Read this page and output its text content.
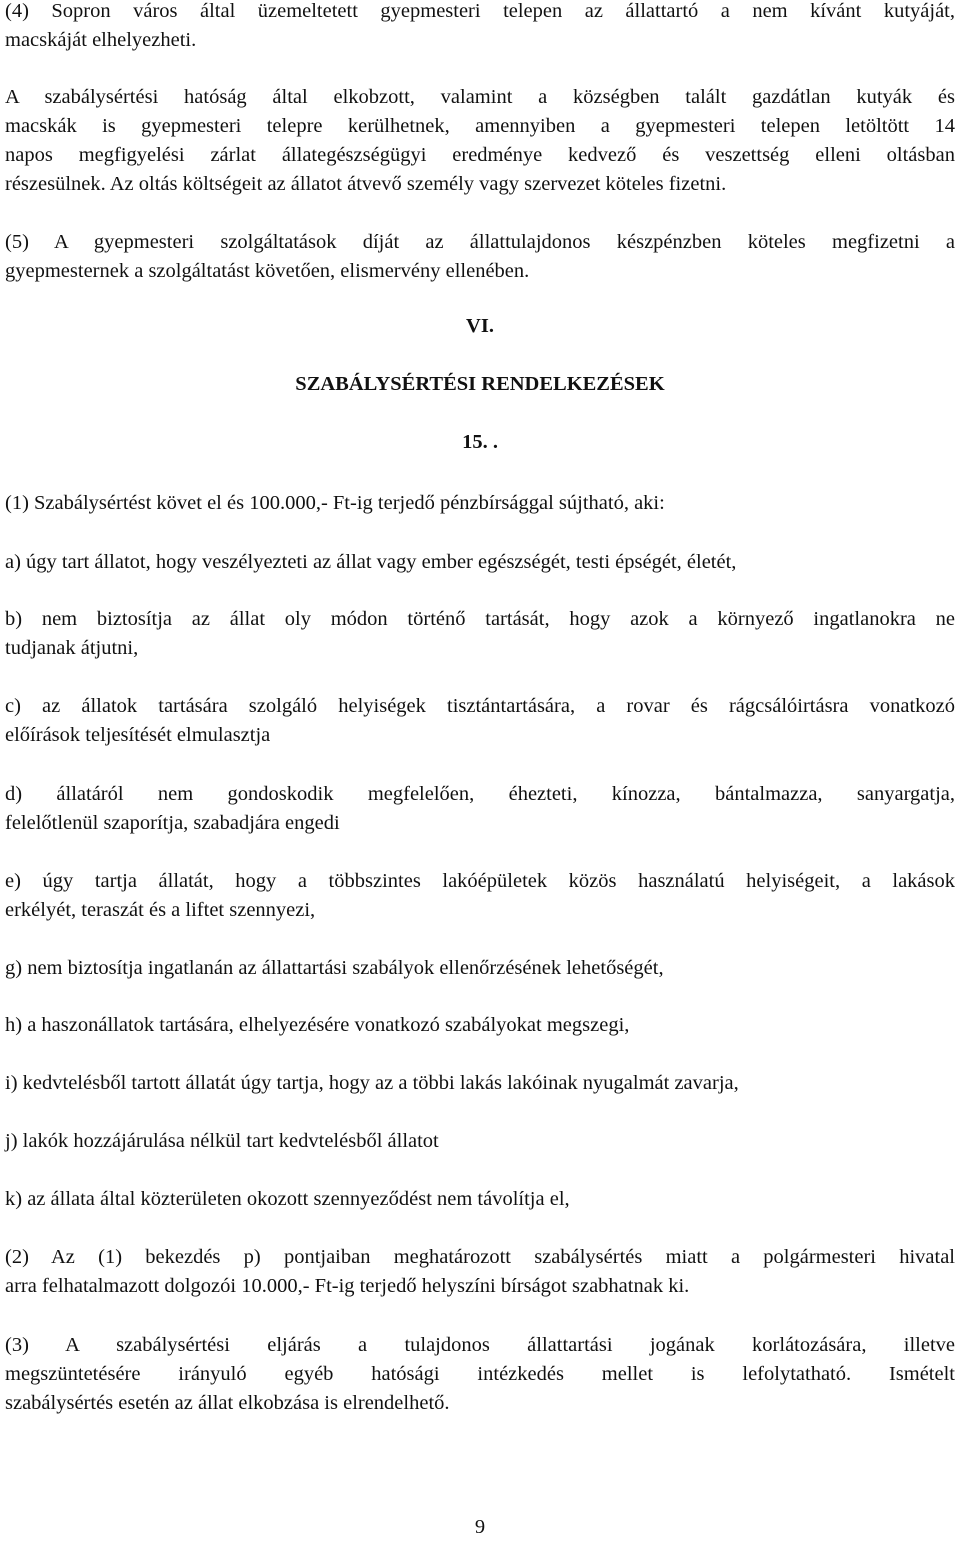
(4) Sopron város által üzemeltetett gyepmesteri telepen az állattartó a nem kívánt kutyáját,
macskáját elhelyezheti.
A szabálysértési hatóság által elkobzott, valamint a községben talált gazdátlan kutyák és
macskák is gyepmesteri telepre kerülhetnek, amennyiben a gyepmesteri telepen letöltött 14
napos megfigyelési zárlat állategészségügyi eredménye kedvező és veszettség elleni oltásban
részesülnek. Az oltás költségeit az állatot átvevő személy vagy szervezet köteles fizetni.
(5) A gyepmesteri szolgáltatások díját az állattulajdonos készpénzben köteles megfizetni a
gyepmesternek a szolgáltatást követően, elismervény ellenében.

VI.

SZABÁLYSÉRTÉSI RENDELKEZÉSEK

15. .

(1) Szabálysértést követ el és 100.000,- Ft-ig terjedő pénzbírsággal sújtható, aki:
a) úgy tart állatot, hogy veszélyezteti az állat vagy ember egészségét, testi épségét, életét,
b) nem biztosítja az állat oly módon történő tartását, hogy azok a környező ingatlanokra ne
tudjanak átjutni,
c) az állatok tartására szolgáló helyiségek tisztántartására, a rovar és rágcsálóirtásra vonatkozó
előírások teljesítését elmulasztja
d) állatáról nem gondoskodik megfelelően, éhezteti, kínozza, bántalmazza, sanyargatja,
felelőtlenül szaporítja, szabadjára engedi
e) úgy tartja állatát, hogy a többszintes lakóépületek közös használatú helyiségeit, a lakások
erkélyét, teraszát és a liftet szennyezi,
g) nem biztosítja ingatlanán az állattartási szabályok ellenőrzésének lehetőségét,
h) a haszonállatok tartására, elhelyezésére vonatkozó szabályokat megszegi,
i) kedvtelésből tartott állatát úgy tartja, hogy az a többi lakás lakóinak nyugalmát zavarja,
j) lakók hozzájárulása nélkül tart kedvtelésből állatot
k) az állata által közterületen okozott szennyeződést nem távolítja el,
(2) Az (1) bekezdés p) pontjaiban meghatározott szabálysértés miatt a polgármesteri hivatal
arra felhatalmazott dolgozói 10.000,- Ft-ig terjedő helyszíni bírságot szabhatnak ki.
(3) A szabálysértési eljárás a tulajdonos állattartási jogának korlátozására, illetve
megszüntetésére irányuló egyéb hatósági intézkedés mellet is lefolytatható. Ismételt
szabálysértés esetén az állat elkobzása is elrendelhető.
9
